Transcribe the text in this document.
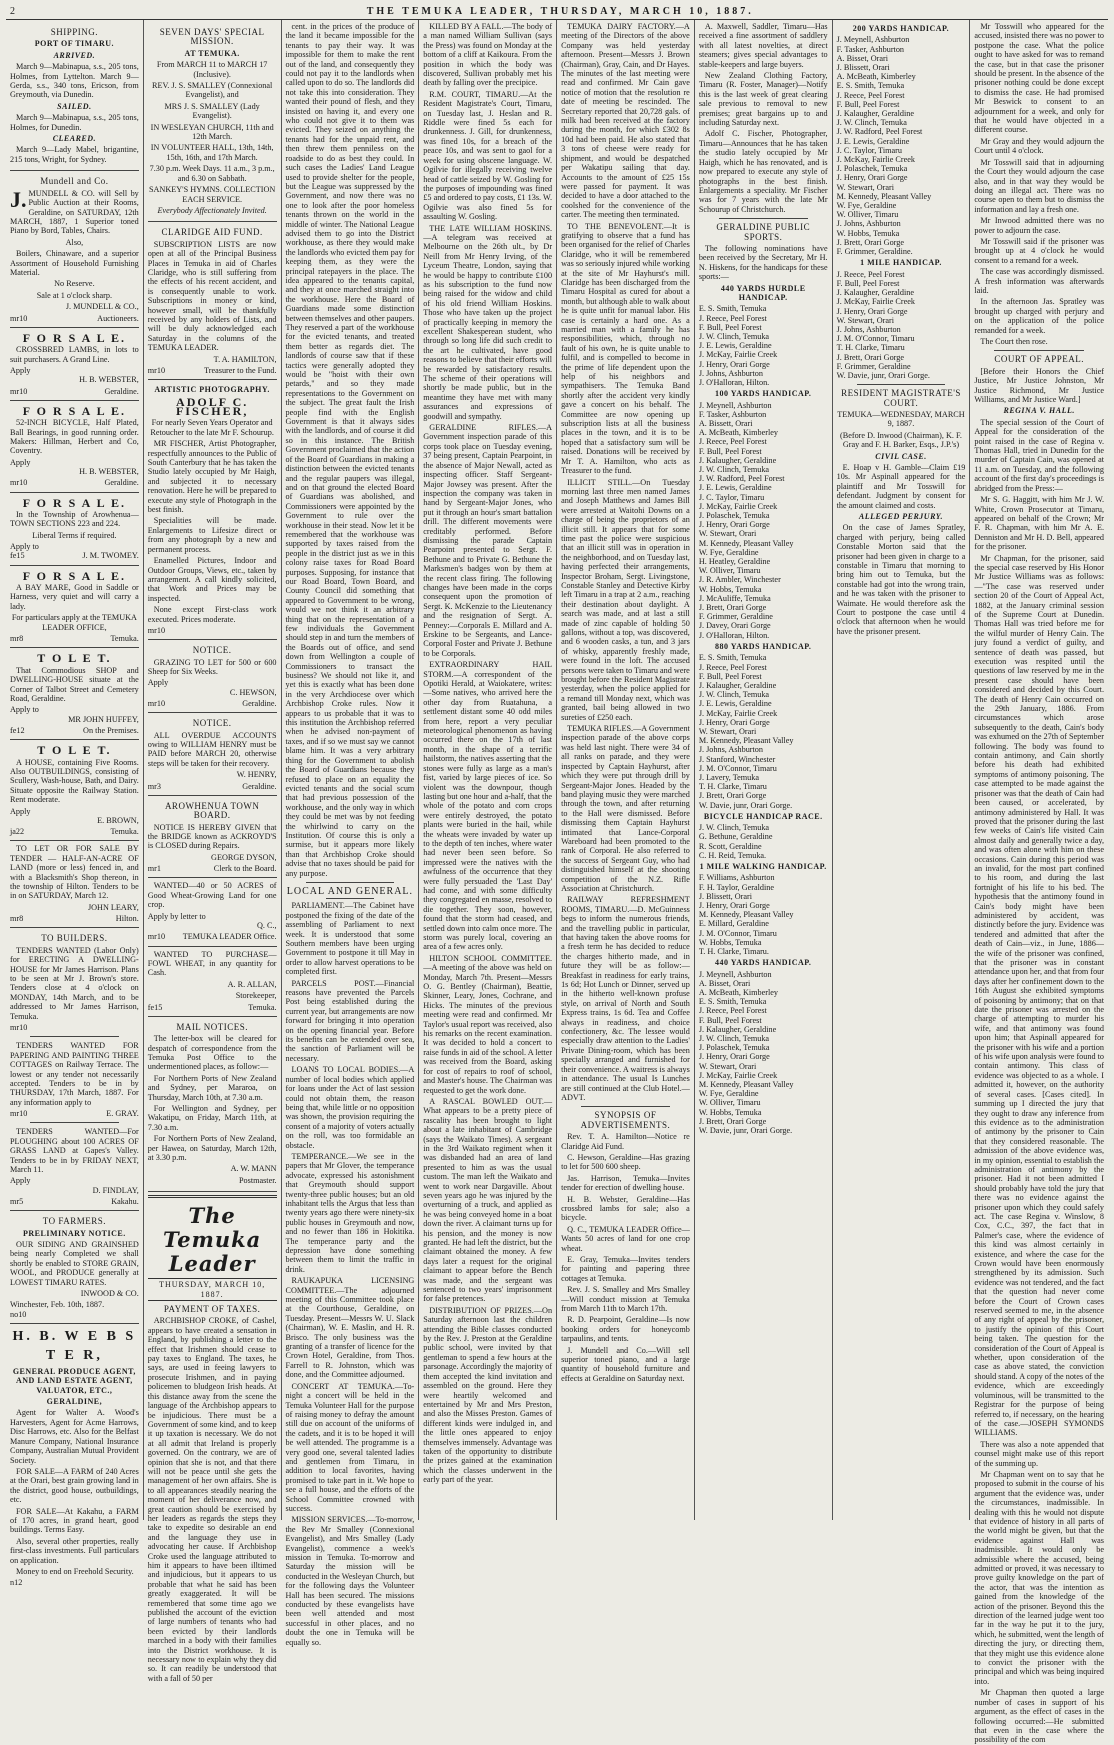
2	THE TEMUKA LEADER, THURSDAY, MARCH 10, 1887.
SHIPPING.
PORT OF TIMARU.
ARRIVED.

March 9—Mabinapua, s.s., 205 tons, Holmes, from Lyttelton. March 9—Gerda, s.s., 340 tons, Ericson, from Greymouth, via Dunedin.

SAILED.

March 9—Mabinapua, s.s., 205 tons, Holmes, for Dunedin.

CLEARED.

March 9—Lady Mabel, brigantine, 215 tons, Wright, for Sydney.

Mundell and Co.

J. MUNDELL & CO. will Sell by Public Auction at their Rooms, Geraldine, on SATURDAY, 12th MARCH, 1887, 1 Superior toned Piano by Bord, Tables, Chairs.

Also,

Boilers, Chinaware, and a superior Assortment of Household Furnishing Material.

No Reserve.

Sale at 1 o'clock sharp.

J. MUNDELL & CO.,

mr10	Auctioneers.

F O R S A L E.

CROSSBRED LAMBS, in lots to suit purchasers. A Grand Line.

Apply

H. B. WEBSTER,

mr10	Geraldine.

F O R S A L E.

52-INCH BICYCLE, Half Plated, Ball Bearings, in good running order. Makers: Hillman, Herbert and Co, Coventry.

Apply

H. B. WEBSTER,

mr10	Geraldine.

F O R S A L E.

In the Township of Arowhenua—TOWN SECTIONS 223 and 224.

Liberal Terms if required.

Apply to

fe15	J. M. TWOMEY.

F O R S A L E.

A BAY MARE, Good in Saddle or Harness, very quiet and will carry a lady.

For particulars apply at the TEMUKA LEADER OFFICE,

mr8	Temuka.

T O L E T.

That Commodious SHOP and DWELLING-HOUSE situate at the Corner of Talbot Street and Cemetery Road, Geraldine.

Apply to

MR JOHN HUFFEY,

fe12	On the Premises.

T O L E T.

A HOUSE, containing Five Rooms. Also OUTBUILDINGS, consisting of Scullery, Wash-house, Bath, and Dairy. Situate opposite the Railway Station. Rent moderate.

Apply

E. BROWN,

ja22	Temuka.

TO LET OR FOR SALE BY TENDER — HALF-AN-ACRE OF LAND (more or less) fenced in, and with a Blacksmith's Shop thereon, in the township of Hilton. Tenders to be in on SATURDAY, March 12.

JOHN LEARY,

mr8	Hilton.

TO BUILDERS.

TENDERS WANTED (Labor Only) for ERECTING A DWELLING-HOUSE for Mr James Harrison. Plans to be seen at Mr J. Brown's store. Tenders close at 4 o'clock on MONDAY, 14th March, and to be addressed to Mr James Harrison, Temuka.

mr10

TENDERS WANTED FOR PAPERING AND PAINTING THREE COTTAGES on Railway Terrace. The lowest or any tender not necessarily accepted. Tenders to be in by THURSDAY, 17th March, 1887. For any information apply to

mr10	E. GRAY.

TENDERS WANTED—For PLOUGHING about 100 ACRES OF GRASS LAND at Gapes's Valley. Tenders to be in by FRIDAY NEXT, March 11.

Apply

D. FINDLAY,

mr5	Kakahu.

TO FARMERS.
PRELIMINARY NOTICE.

OUR SIDING AND GRAINSHED being nearly Completed we shall shortly be enabled to STORE GRAIN, WOOL, and PRODUCE generally at LOWEST TIMARU RATES.

INWOOD & CO.

Winchester, Feb. 10th, 1887.

no10

H. B. W E B S T E R,
GENERAL PRODUCE AGENT, AND LAND ESTATE AGENT, VALUATOR, ETC.,
GERALDINE,

Agent for Walter A. Wood's Harvesters, Agent for Acme Harrows, Disc Harrows, etc. Also for the Belfast Manure Company, National Insurance Company, Australian Mutual Provident Society.

FOR SALE—A FARM of 240 Acres at the Orari, best grain growing land in the district, good house, outbuildings, etc.

FOR SALE—At Kakahu, a FARM of 170 acres, in grand heart, good buildings. Terms Easy.

Also, several other properties, really first-class investments. Full particulars on application.

Money to end on Freehold Security.

n12

SEVEN DAYS' SPECIAL MISSION.
AT TEMUKA.

From MARCH 11 to MARCH 17 (Inclusive).

REV. J. S. SMALLEY (Connexional Evangelist), and

MRS J. S. SMALLEY (Lady Evangelist).

IN WESLEYAN CHURCH, 11th and 12th March.

IN VOLUNTEER HALL, 13th, 14th, 15th, 16th, and 17th March.

7.30 p.m. Week Days. 11 a.m., 3 p.m., and 6.30 on Sabbath.

SANKEY'S HYMNS. COLLECTION EACH SERVICE.

Everybody Affectionately Invited.

CLARIDGE AID FUND.

SUBSCRIPTION LISTS are now open at all of the Principal Business Places in Temuka in aid of Charles Claridge, who is still suffering from the effects of his recent accident, and is consequently unable to work. Subscriptions in money or kind, however small, will be thankfully received by any holders of Lists, and will be duly acknowledged each Saturday in the columns of the TEMUKA LEADER.

T. A. HAMILTON,

mr10	Treasurer to the Fund.

ARTISTIC PHOTOGRAPHY.
ADOLF C. FISCHER,

For nearly Seven Years Operator and Retoucher to the late Mr F. Schourup.

MR FISCHER, Artist Photographer, respectfully announces to the Public of South Canterbury that he has taken the Studio lately occupied by Mr Haigh, and subjected it to necessary renovation. Here he will be prepared to execute any style of Photograph in the best finish.

Specialities will be made. Enlargements to Lifesize direct or from any photograph by a new and permanent process.

Enamelled Pictures, Indoor and Outdoor Groups, Views, etc., taken by arrangement. A call kindly solicited, that Work and Prices may be inspected.

None except First-class work executed. Prices moderate.

mr10

NOTICE.

GRAZING TO LET for 500 or 600 Sheep for Six Weeks.

Apply

C. HEWSON,

mr10	Geraldine.

NOTICE.

ALL OVERDUE ACCOUNTS owing to WILLIAM HENRY must be PAID before MARCH 20, otherwise steps will be taken for their recovery.

W. HENRY,

mr3	Geraldine.

AROWHENUA TOWN BOARD.

NOTICE IS HEREBY GIVEN that the BRIDGE known as ACKROYD'S is CLOSED during Repairs.

GEORGE DYSON,

mr1	Clerk to the Board.

WANTED—40 or 50 ACRES of Good Wheat-Growing Land for one crop.

Apply by letter to

Q. C.,

mr10 TEMUKA LEADER Office.

WANTED TO PURCHASE—FOWL WHEAT, in any quantity for Cash.

A. R. ALLAN,

Storekeeper,

fe15	Temuka.

MAIL NOTICES.

The letter-box will be cleared for despatch of correspondence from the Temuka Post Office to the undermentioned places, as follow:—

For Northern Ports of New Zealand and Sydney, per Mararoa, on Thursday, March 10th, at 7.30 a.m.

For Wellington and Sydney, per Wakatipu, on Friday, March 11th, at 7.30 a.m.

For Northern Ports of New Zealand, per Hawea, on Saturday, March 12th, at 3.30 p.m.

A. W. MANN

Postmaster.

The Temuka Leader
THURSDAY, MARCH 10, 1887.
PAYMENT OF TAXES.

ARCHBISHOP CROKE, of Cashel, appears to have created a sensation in England, by publishing a letter to the effect that Irishmen should cease to pay taxes to England. The taxes, he says, are used in feeing lawyers to prosecute Irishmen, and in paying policemen to bludgeon Irish heads. At this distance away from the scene the language of the Archbishop appears to be injudicious. There must be a Government of some kind, and to keep it up taxation is necessary. We do not at all admit that Ireland is properly governed. On the contrary, we are of opinion that she is not, and that there will not be peace until she gets the management of her own affairs. She is to all appearances steadily nearing the moment of her deliverance now, and great caution should be exercised by her leaders as regards the steps they take to expedite so desirable an end and the language they use in advocating her cause. If Archbishop Croke used the language attributed to him it appears to have been illtimed and injudicious, but it appears to us probable that what he said has been greatly exaggerated. It will be remembered that some time ago we published the account of the eviction of large numbers of tenants who had been evicted by their landlords marched in a body with their families into the District workhouse. It is necessary now to explain why they did so. It can readily be understood that with a fall of 50 per

cent. in the prices of the produce of the land it became impossible for the tenants to pay their way. It was impossible for them to make the rent out of the land, and consequently they could not pay it to the landlords when called upon to do so. The landlords did not take this into consideration. They wanted their pound of flesh, and they insisted on having it, and every one who could not give it to them was evicted. They seized on anything the tenants had for the unpaid rent, and then threw them penniless on the roadside to do as best they could. In such cases the Ladies' Land League used to provide shelter for the people, but the League was suppressed by the Government, and now there was no one to look after the poor homeless tenants thrown on the world in the middle of winter. The National League advised them to go into the District workhouse, as there they would make the landlords who evicted them pay for keeping them, as they were the principal ratepayers in the place. The idea appeared to the tenants capital, and they at once marched straight into the workhouse. Here the Board of Guardians made some distinction between themselves and other paupers. They reserved a part of the workhouse for the evicted tenants, and treated them better as regards diet. The landlords of course saw that if these tactics were generally adopted they would be "hoist with their own petards," and so they made representations to the Government on the subject. The great fault the Irish people find with the English Government is that it always sides with the landlords, and of course it did so in this instance. The British Government proclaimed that the action of the Board of Guardians in making a distinction between the evicted tenants and the regular paupers was illegal, and on that ground the elected Board of Guardians was abolished, and Commissioners were appointed by the Government to rule over the workhouse in their stead. Now let it be remembered that the workhouse was supported by taxes raised from the people in the district just as we in this colony raise taxes for Road Board purposes. Supposing, for instance that our Road Board, Town Board, and County Council did something that appeared to Government to be wrong, would we not think it an arbitrary thing that on the representation of a few individuals the Government should step in and turn the members of the Boards out of office, and send down from Wellington a couple of Commissioners to transact the business? We should not like it, and yet this is exactly what has been done in the very Archdiocese over which Archbishop Croke rules. Now it appears to us probable that it was to this institution the Archbishop referred when he advised non-payment of taxes, and if so we must say we cannot blame him. It was a very arbitrary thing for the Government to abolish the Board of Guardians because they refused to place on an equality the evicted tenants and the social scum that had previous possession of the workhouse, and the only way in which they could be met was by not feeding the whirlwind to carry on the Institution. Of course this is only a surmise, but it appears more likely than that Archbishop Croke should advise that no taxes should be paid for any purpose.

LOCAL AND GENERAL.

PARLIAMENT.—The Cabinet have postponed the fixing of the date of the assembling of Parliament to next week. It is understood that some Southern members have been urging Government to postpone it till May in order to allow harvest operations to be completed first.

PARCELS POST.—Financial reasons have prevented the Parcels Post being established during the current year, but arrangements are now forward for bringing it into operation on the opening financial year. Before its benefits can be extended over sea, the sanction of Parliament will be necessary.

LOANS TO LOCAL BODIES.—A number of local bodies which applied for loans under the Act of last session could not obtain them, the reason being that, while little or no opposition was shown, the provision requiring the consent of a majority of voters actually on the roll, was too formidable an obstacle.

TEMPERANCE.—We see in the papers that Mr Glover, the temperance advocate, expressed his astonishment that Greymouth should support twenty-three public houses; but an old inhabitant tells the Argus that less than twenty years ago there were ninety-six public houses in Greymouth and now, and no fewer than 186 in Hokitika. The temperance party and the depression have done something between them to limit the traffic in drink.

RAUKAPUKA LICENSING COMMITTEE.—The adjourned meeting of this Committee took place at the Courthouse, Geraldine, on Tuesday. Present—Messrs W. U. Slack (Chairman), W. E. Maslin, and H. R. Brisco. The only business was the granting of a transfer of licence for the Crown Hotel, Geraldine, from Thos. Farrell to R. Johnston, which was done, and the Committee adjourned.

CONCERT AT TEMUKA.—To-night a concert will be held in the Temuka Volunteer Hall for the purpose of raising money to defray the amount still due on account of the uniforms of the cadets, and it is to be hoped it will be well attended. The programme is a very good one, several talented ladies and gentlemen from Timaru, in addition to local favorites, having promised to take part in it. We hope to see a full house, and the efforts of the School Committee crowned with success.

MISSION SERVICES.—To-morrow, the Rev Mr Smalley (Connexional Evangelist), and Mrs Smalley (Lady Evangelist), commence a week's mission in Temuka. To-morrow and Saturday the mission will be conducted in the Wesleyan Church, but for the following days the Volunteer Hall has been secured. The missions conducted by these evangelists have been well attended and most successful in other places, and no doubt the one in Temuka will be equally so.

KILLED BY A FALL.—The body of a man named William Sullivan (says the Press) was found on Monday at the bottom of a cliff at Kaikoura. From the position in which the body was discovered, Sullivan probably met his death by falling over the precipice.

R.M. COURT, TIMARU.—At the Resident Magistrate's Court, Timaru, on Tuesday last, J. Heslan and R. Riddle were fined 5s each for drunkenness. J. Gill, for drunkenness, was fined 10s, for a breach of the peace 10s, and was sent to gaol for a week for using obscene language. W. Ogilvie for illegally receiving twelve head of cattle seized by W. Gosling for the purposes of impounding was fined £5 and ordered to pay costs, £1 13s. W. Ogilvie was also fined 5s for assaulting W. Gosling.

THE LATE WILLIAM HOSKINS.—A telegram was received at Melbourne on the 26th ult., by Dr Neill from Mr Henry Irving, of the Lyceum Theatre, London, saying that he would be happy to contribute £100 as his subscription to the fund now being raised for the widow and child of his old friend William Hoskins. Those who have taken up the project of practically keeping in memory the excellent Shakesperean student, who through so long life did such credit to the art he cultivated, have good reasons to believe that their efforts will be rewarded by satisfactory results. The scheme of their operations will shortly be made public, but in the meantime they have met with many assurances and expressions of goodwill and sympathy.

GERALDINE RIFLES.—A Government inspection parade of this corps took place on Tuesday evening, 37 being present, Captain Pearpoint, in the absence of Major Newall, acted as inspecting officer. Staff Sergeant-Major Jowsey was present. After the inspection the company was taken in hand by Sergeant-Major Jones, who put it through an hour's smart battalion drill. The different movements were creditably performed. Before dismissing the parade Captain Pearpoint presented to Sergt. F. Bethune and to Private G. Bethune the Marksmen's badges won by them at the recent class firing. The following changes have been made in the corps consequent upon the promotion of Sergt. K. McKenzie to the Lieutenancy and the resignation of Sergt. A. Penney:—Corporals E. Millard and A. Erskine to be Sergeants, and Lance-Corporal Foster and Private J. Bethune to be Corporals.

EXTRAORDINARY HAIL STORM.—A correspondent of the Opotiki Herald, at Waiokatere, writes:—Some natives, who arrived here the other day from Ruatahuna, a settlement distant some 40 odd miles from here, report a very peculiar meteorological phenomenon as having occurred there on the 17th of last month, in the shape of a terrific hailstorm, the natives asserting that the stones were fully as large as a man's fist, varied by large pieces of ice. So violent was the downpour, though lasting but one hour and a-half, that the whole of the potato and corn crops were entirely destroyed, the potato plants were buried in the hail, while the wheats were invaded by water up to the depth of ten inches, where water had never been seen before. So impressed were the natives with the awfulness of the occurrence that they were fully persuaded the 'Last Day' had come, and with some difficulty they congregated en masse, resolved to die together. They soon, however, found that the storm had ceased, and settled down into calm once more. The storm was purely local, covering an area of a few acres only.

HILTON SCHOOL COMMITTEE.—A meeting of the above was held on Monday, March 7th. Present—Messrs O. G. Bentley (Chairman), Beattie, Skinner, Leary, Jones, Cochrane, and Hicks. The minutes of the previous meeting were read and confirmed. Mr Taylor's usual report was received, also his remarks on the recent examination. It was decided to hold a concert to raise funds in aid of the school. A letter was received from the Board, asking for cost of repairs to roof of school, and Master's house. The Chairman was requested to get the work done.

A RASCAL BOWLED OUT.—What appears to be a pretty piece of rascality has been brought to light about a late inhabitant of Cambridge (says the Waikato Times). A sergeant in the 3rd Waikato regiment when it was disbanded had an area of land presented to him as was the usual custom. The man left the Waikato and went to work near Dargaville. About seven years ago he was injured by the overturning of a truck, and applied as he was being conveyed home in a boat down the river. A claimant turns up for his pension, and the money is now granted. He had left the district, but the claimant obtained the money. A few days later a request for the original claimant to appear before the Bench was made, and the sergeant was sentenced to two years' imprisonment for false pretences.

DISTRIBUTION OF PRIZES.—On Saturday afternoon last the children attending the Bible classes conducted by the Rev. J. Preston at the Geraldine public school, were invited by that gentleman to spend a few hours at the parsonage. Accordingly the majority of them accepted the kind invitation and assembled on the ground. Here they were heartily welcomed and entertained by Mr and Mrs Preston, and also the Misses Preston. Games of different kinds were indulged in, and the little ones appeared to enjoy themselves immensely. Advantage was taken of the opportunity to distribute the prizes gained at the examination which the classes underwent in the early part of the year.

TEMUKA DAIRY FACTORY.—A meeting of the Directors of the above Company was held yesterday afternoon. Present—Messrs J. Brown (Chairman), Gray, Cain, and Dr Hayes. The minutes of the last meeting were read and confirmed. Mr Cain gave notice of motion that the resolution re date of meeting be rescinded. The Secretary reported that 20,728 gals. of milk had been received at the factory during the month, for which £302 8s 10d had been paid. He also stated that 3 tons of cheese were ready for shipment, and would be despatched per Wakatipu sailing that day. Accounts to the amount of £25 15s were passed for payment. It was decided to have a door attached to the coolshed for the convenience of the carter. The meeting then terminated.

TO THE BENEVOLENT.—It is gratifying to observe that a fund has been organised for the relief of Charles Claridge, who it will be remembered was so seriously injured while working at the site of Mr Hayhurst's mill. Claridge has been discharged from the Timaru Hospital as cured for about a month, but although able to walk about he is quite unfit for manual labor. His case is certainly a hard one. As a married man with a family he has responsibilities, which, through no fault of his own, he is quite unable to fulfil, and is compelled to become in the prime of life dependent upon the help of his neighbors and sympathisers. The Temuka Band shortly after the accident very kindly gave a concert on his behalf. The Committee are now opening up subscription lists at all the business places in the town, and it is to be hoped that a satisfactory sum will be raised. Donations will be received by Mr T. A. Hamilton, who acts as Treasurer to the fund.

ILLICIT STILL.—On Tuesday morning last three men named James and Joseph Matthews and James Bill were arrested at Waitohi Downs on a charge of being the proprietors of an illicit still. It appears that for some time past the police were suspicious that an illicit still was in operation in the neighborhood, and on Tuesday last, having perfected their arrangements, Inspector Broham, Sergt. Livingstone, Constable Stanley and Detective Kirby left Timaru in a trap at 2 a.m., reaching their destination about daylight. A search was made, and at last a still made of zinc capable of holding 50 gallons, without a top, was discovered, and 6 wooden casks, a tun, and 3 jars of whisky, apparently freshly made, were found in the loft. The accused persons were taken to Timaru and were brought before the Resident Magistrate yesterday, when the police applied for a remand till Monday next, which was granted, bail being allowed in two sureties of £250 each.

TEMUKA RIFLES.—A Government inspection parade of the above corps was held last night. There were 34 of all ranks on parade, and they were inspected by Captain Hayhurst, after which they were put through drill by Sergeant-Major Jones. Headed by the band playing music they were marched through the town, and after returning to the Hall were dismissed. Before dismissing them Captain Hayhurst intimated that Lance-Corporal Wareboard had been promoted to the rank of Corporal. He also referred to the success of Sergeant Guy, who had distinguished himself at the shooting competition of the N.Z. Rifle Association at Christchurch.

RAILWAY REFRESHMENT ROOMS, TIMARU.—D. McGuinness begs to inform the numerous friends, and the travelling public in particular, that having taken the above rooms for a fresh term he has decided to reduce the charges hitherto made, and in future they will be as follow:—Breakfast in readiness for early trains, 1s 6d; Hot Lunch or Dinner, served up in the hitherto well-known profuse style, on arrival of North and South Express trains, 1s 6d. Tea and Coffee always in readiness, and choice confectionery, &c. The lessee would especially draw attention to the Ladies' Private Dining-room, which has been specially arranged and furnished for their convenience. A waitress is always in attendance. The usual Is Lunches are still continued at the Club Hotel.—ADVT.

SYNOPSIS OF ADVERTISEMENTS.

Rev. T. A. Hamilton—Notice re Claridge Aid Fund.

C. Hewson, Geraldine—Has grazing to let for 500 600 sheep.

Jas. Harrison, Temuka—Invites tender for erection of dwelling house.

H. B. Webster, Geraldine—Has crossbred lambs for sale; also a bicycle.

Q. C., TEMUKA LEADER Office—Wants 50 acres of land for one crop wheat.

E. Gray, Temuka—Invites tenders for painting and papering three cottages at Temuka.

Rev. J. S. Smalley and Mrs Smalley—Will conduct mission at Temuka from March 11th to March 17th.

R. D. Pearpoint, Geraldine—Is now booking orders for honeycomb tarpaulins, and tents.

J. Mundell and Co.—Will sell superior toned piano, and a large quantity of household furniture and effects at Geraldine on Saturday next.

A. Maxwell, Saddler, Timaru—Has received a fine assortment of saddlery with all latest novelties, at direct steamers; gives special advantages to stable-keepers and large buyers.

New Zealand Clothing Factory, Timaru (R. Foster, Manager)—Notify this is the last week of great clearing sale previous to removal to new premises; great bargains up to and including Saturday next.

Adolf C. Fischer, Photographer, Timaru—Announces that he has taken the studio lately occupied by Mr Haigh, which he has renovated, and is now prepared to execute any style of photographs in the best finish. Enlargements a speciality. Mr Fischer was for 7 years with the late Mr Schourup of Christchurch.

GERALDINE PUBLIC SPORTS.

The following nominations have been received by the Secretary, Mr H. N. Hiskens, for the handicaps for these sports:—

440 YARDS HURDLE HANDICAP.

E. S. Smith, Temuka

J. Reece, Peel Forest

F. Bull, Peel Forest

J. W. Clinch, Temuka

J. E. Lewis, Geraldine

J. McKay, Fairlie Creek

J. Henry, Orari Gorge

J. Johns, Ashburton

J. O'Halloran, Hilton.

100 YARDS HANDICAP.

J. Meynell, Ashburton

F. Tasker, Ashburton

A. Bissett, Orari

A. McBeath, Kimberley

J. Reece, Peel Forest

F. Bull, Peel Forest

J. Kalaugher, Geraldine

J. W. Clinch, Temuka

J. W. Radford, Peel Forest

J. E. Lewis, Geraldine

J. C. Taylor, Timaru

J. McKay, Fairlie Creek

J. Polaschek, Temuka

J. Henry, Orari Gorge

W. Stewart, Orari

M. Kennedy, Pleasant Valley

W. Fye, Geraldine

H. Heatley, Geraldine

W. Olliver, Timaru

J. R. Ambler, Winchester

W. Hobbs, Temuka

J. McAuliffe, Temuka

J. Brett, Orari Gorge

F. Grimmer, Geraldine

J. Davey, Orari Gorge

J. O'Halloran, Hilton.

880 YARDS HANDICAP.

E. S. Smith, Temuka

J. Reece, Peel Forest

F. Bull, Peel Forest

J. Kalaugher, Geraldine

J. W. Clinch, Temuka

J. E. Lewis, Geraldine

J. McKay, Fairlie Creek

J. Henry, Orari Gorge

W. Stewart, Orari

M. Kennedy, Pleasant Valley

J. Johns, Ashburton

J. Stanford, Winchester

J. M. O'Connor, Timaru

J. Lavery, Temuka

T. H. Clarke, Timaru

J. Brett, Orari Gorge

W. Davie, junr, Orari Gorge.

BICYCLE HANDICAP RACE.

J. W. Clinch, Temuka

G. Bethune, Geraldine

R. Scott, Geraldine

C. H. Reid, Temuka.

1 MILE WALKING HANDICAP.

F. Williams, Ashburton

F. H. Taylor, Geraldine

J. Blissett, Orari

J. Henry, Orari Gorge

M. Kennedy, Pleasant Valley

E. Millard, Geraldine

J. M. O'Connor, Timaru

W. Hobbs, Temuka

T. H. Clarke, Timaru.

440 YARDS HANDICAP.

J. Meynell, Ashburton

A. Bisset, Orari

A. McBeath, Kimberley

E. S. Smith, Temuka

J. Reece, Peel Forest

F. Bull, Peel Forest

J. Kalaugher, Geraldine

J. W. Clinch, Temuka

J. Polaschek, Temuka

J. Henry, Orari Gorge

W. Stewart, Orari

J. McKay, Fairlie Creek

M. Kennedy, Pleasant Valley

W. Fye, Geraldine

W. Olliver, Timaru

W. Hobbs, Temuka

J. Brett, Orari Gorge

W. Davie, junr, Orari Gorge.

200 YARDS HANDICAP.

J. Meynell, Ashburton

F. Tasker, Ashburton

A. Bisset, Orari

J. Blissett, Orari

A. McBeath, Kimberley

E. S. Smith, Temuka

J. Reece, Peel Forest

F. Bull, Peel Forest

J. Kalaugher, Geraldine

J. W. Clinch, Temuka

J. W. Radford, Peel Forest

J. E. Lewis, Geraldine

J. C. Taylor, Timaru

J. McKay, Fairlie Creek

J. Polaschek, Temuka

J. Henry, Orari Gorge

W. Stewart, Orari

M. Kennedy, Pleasant Valley

W. Fye, Geraldine

W. Olliver, Timaru

J. Johns, Ashburton

W. Hobbs, Temuka

J. Brett, Orari Gorge

F. Grimmer, Geraldine.

1 MILE HANDICAP.

J. Reece, Peel Forest

F. Bull, Peel Forest

J. Kalaugher, Geraldine

J. McKay, Fairlie Creek

J. Henry, Orari Gorge

W. Stewart, Orari

J. Johns, Ashburton

J. M. O'Connor, Timaru

T. H. Clarke, Timaru

J. Brett, Orari Gorge

F. Grimmer, Geraldine

W. Davie, junr, Orari Gorge.

RESIDENT MAGISTRATE'S COURT.

TEMUKA—WEDNESDAY, MARCH 9, 1887.

(Before D. Inwood (Chairman), K. F. Gray and F. H. Barker, Esqs., J.P.'s)

CIVIL CASE.

E. Hoap v H. Gamble—Claim £19 10s. Mr Aspinall appeared for the plaintiff and Mr Tosswill for defendant. Judgment by consent for the amount claimed and costs.

ALLEGED PERJURY.

On the case of James Spratley, charged with perjury, being called Constable Morton said that the prisoner had been given in charge to a constable in Timaru that morning to bring him out to Temuka, but the constable had got into the wrong train, and he was taken with the prisoner to Waimate. He would therefore ask the Court to postpone the case until 4 o'clock that afternoon when he would have the prisoner present.

Mr Tosswill who appeared for the accused, insisted there was no power to postpone the case. What the police ought to have asked for was to remand the case, but in that case the prisoner should be present. In the absence of the prisoner nothing could be done except to dismiss the case. He had promised Mr Beswick to consent to an adjournment for a week, and only for that he would have objected in a different course.

Mr Gray and they would adjourn the Court until 4 o'clock.

Mr Tosswill said that in adjourning the Court they would adjourn the case also, and in that way they would be doing an illegal act. There was no course open to them but to dismiss the information and lay a fresh one.

Mr Inwood admitted there was no power to adjourn the case.

Mr Tosswill said if the prisoner was brought up at 4 o'clock he would consent to a remand for a week.

The case was accordingly dismissed. A fresh information was afterwards laid.

In the afternoon Jas. Spratley was brought up charged with perjury and on the application of the police remanded for a week.

The Court then rose.

COURT OF APPEAL.

[Before their Honors the Chief Justice, Mr Justice Johnston, Mr Justice Richmond, Mr Justice Williams, and Mr Justice Ward.]

REGINA V. HALL.

The special session of the Court of Appeal for the consideration of the point raised in the case of Regina v. Thomas Hall, tried in Dunedin for the murder of Captain Cain, was opened at 11 a.m. on Tuesday, and the following account of the first day's proceedings is abridged from the Press:—

Mr S. G. Haggitt, with him Mr J. W. White, Crown Prosecutor at Timaru, appeared on behalf of the Crown; Mr F. R. Chapman, with him Mr A. E. Denniston and Mr H. D. Bell, appeared for the prisoner.

Mr Chapman, for the prisoner, said the special case reserved by His Honor Mr Justice Williams was as follows:—"The case was reserved under section 20 of the Court of Appeal Act, 1882, at the January criminal session of the Supreme Court at Dunedin. Thomas Hall was tried before me for the wilful murder of Henry Cain. The jury found a verdict of guilty, and sentence of death was passed, but execution was respited until the questions of law reserved by me in the present case should have been considered and decided by this Court. The death of Henry Cain occurred on the 29th January, 1886. From circumstances which arose subsequently to the death, Cain's body was exhumed on the 27th of September following. The body was found to contain antimony, and Cain shortly before his death had exhibited symptoms of antimony poisoning. The case attempted to be made against the prisoner was that the death of Cain had been caused, or accelerated, by antimony administered by Hall. It was proved that the prisoner during the last few weeks of Cain's life visited Cain almost daily and generally twice a day, and was often alone with him on these occasions. Cain during this period was an invalid, for the most part confined to his room, and during the last fortnight of his life to his bed. The hypothesis that the antimony found in Cain's body might have been administered by accident, was distinctly before the jury. Evidence was tendered and admitted that after the death of Cain—viz., in June, 1886—the wife of the prisoner was confined, that the prisoner was in constant attendance upon her, and that from four days after her confinement down to the 16th August she exhibited symptoms of poisoning by antimony; that on that date the prisoner was arrested on the charge of attempting to murder his wife, and that antimony was found upon him; that Aspinall appeared for the prisoner with his wife and a portion of his wife upon analysis were found to contain antimony. This class of evidence was objected to as a whole. I admitted it, however, on the authority of several cases. [Cases cited]. In summing up I directed the jury that they ought to draw any inference from this evidence as to the administration of antimony by the prisoner to Cain that they considered reasonable. The admission of the above evidence was, in my opinion, essential to establish the administration of antimony by the prisoner. Had it not been admitted I should probably have told the jury that there was no evidence against the prisoner upon which they could safely act. The case Regina v. Winslow, 8 Cox, C.C., 397, the fact that in Palmer's case, where the evidence of this kind was almost certainly in existence, and where the case for the Crown would have been enormously strengthened by its admission. Such evidence was not tendered, and the fact that the question had never come before the Court of Crown cases reserved seemed to me, in the absence of any right of appeal by the prisoner, to justify the opinion of this Court being taken. The question for the consideration of the Court of Appeal is whether, upon consideration of the case as above stated, the conviction should stand. A copy of the notes of the evidence, which are exceedingly voluminous, will be transmitted to the Registrar for the purpose of being referred to, if necessary, on the hearing of the case.—JOSEPH SYMONDS WILLIAMS.

There was also a note appended that counsel might make use of this report of the summing up.

Mr Chapman went on to say that he proposed to submit in the course of his argument that the evidence was, under the circumstances, inadmissible. In dealing with this he would not dispute that evidence of history in all parts of the world might be given, but that the evidence against Hall was inadmissible. It would only be admissible where the accused, being admitted or proved, it was necessary to prove guilty knowledge on the part of the actor, that was the intention as gained from the knowledge of the action of the prisoner. Beyond this the direction of the learned judge went too far in the way he put it to the jury, which, he submitted, went the length of directing the jury, or directing them, that they might use this evidence alone to convict the prisoner with the principal and which was being inquired into.

Mr Chapman then quoted a large number of cases in support of his argument, as the effect of cases in the following occurred:—He submitted that even in the case where the possibility of the com
